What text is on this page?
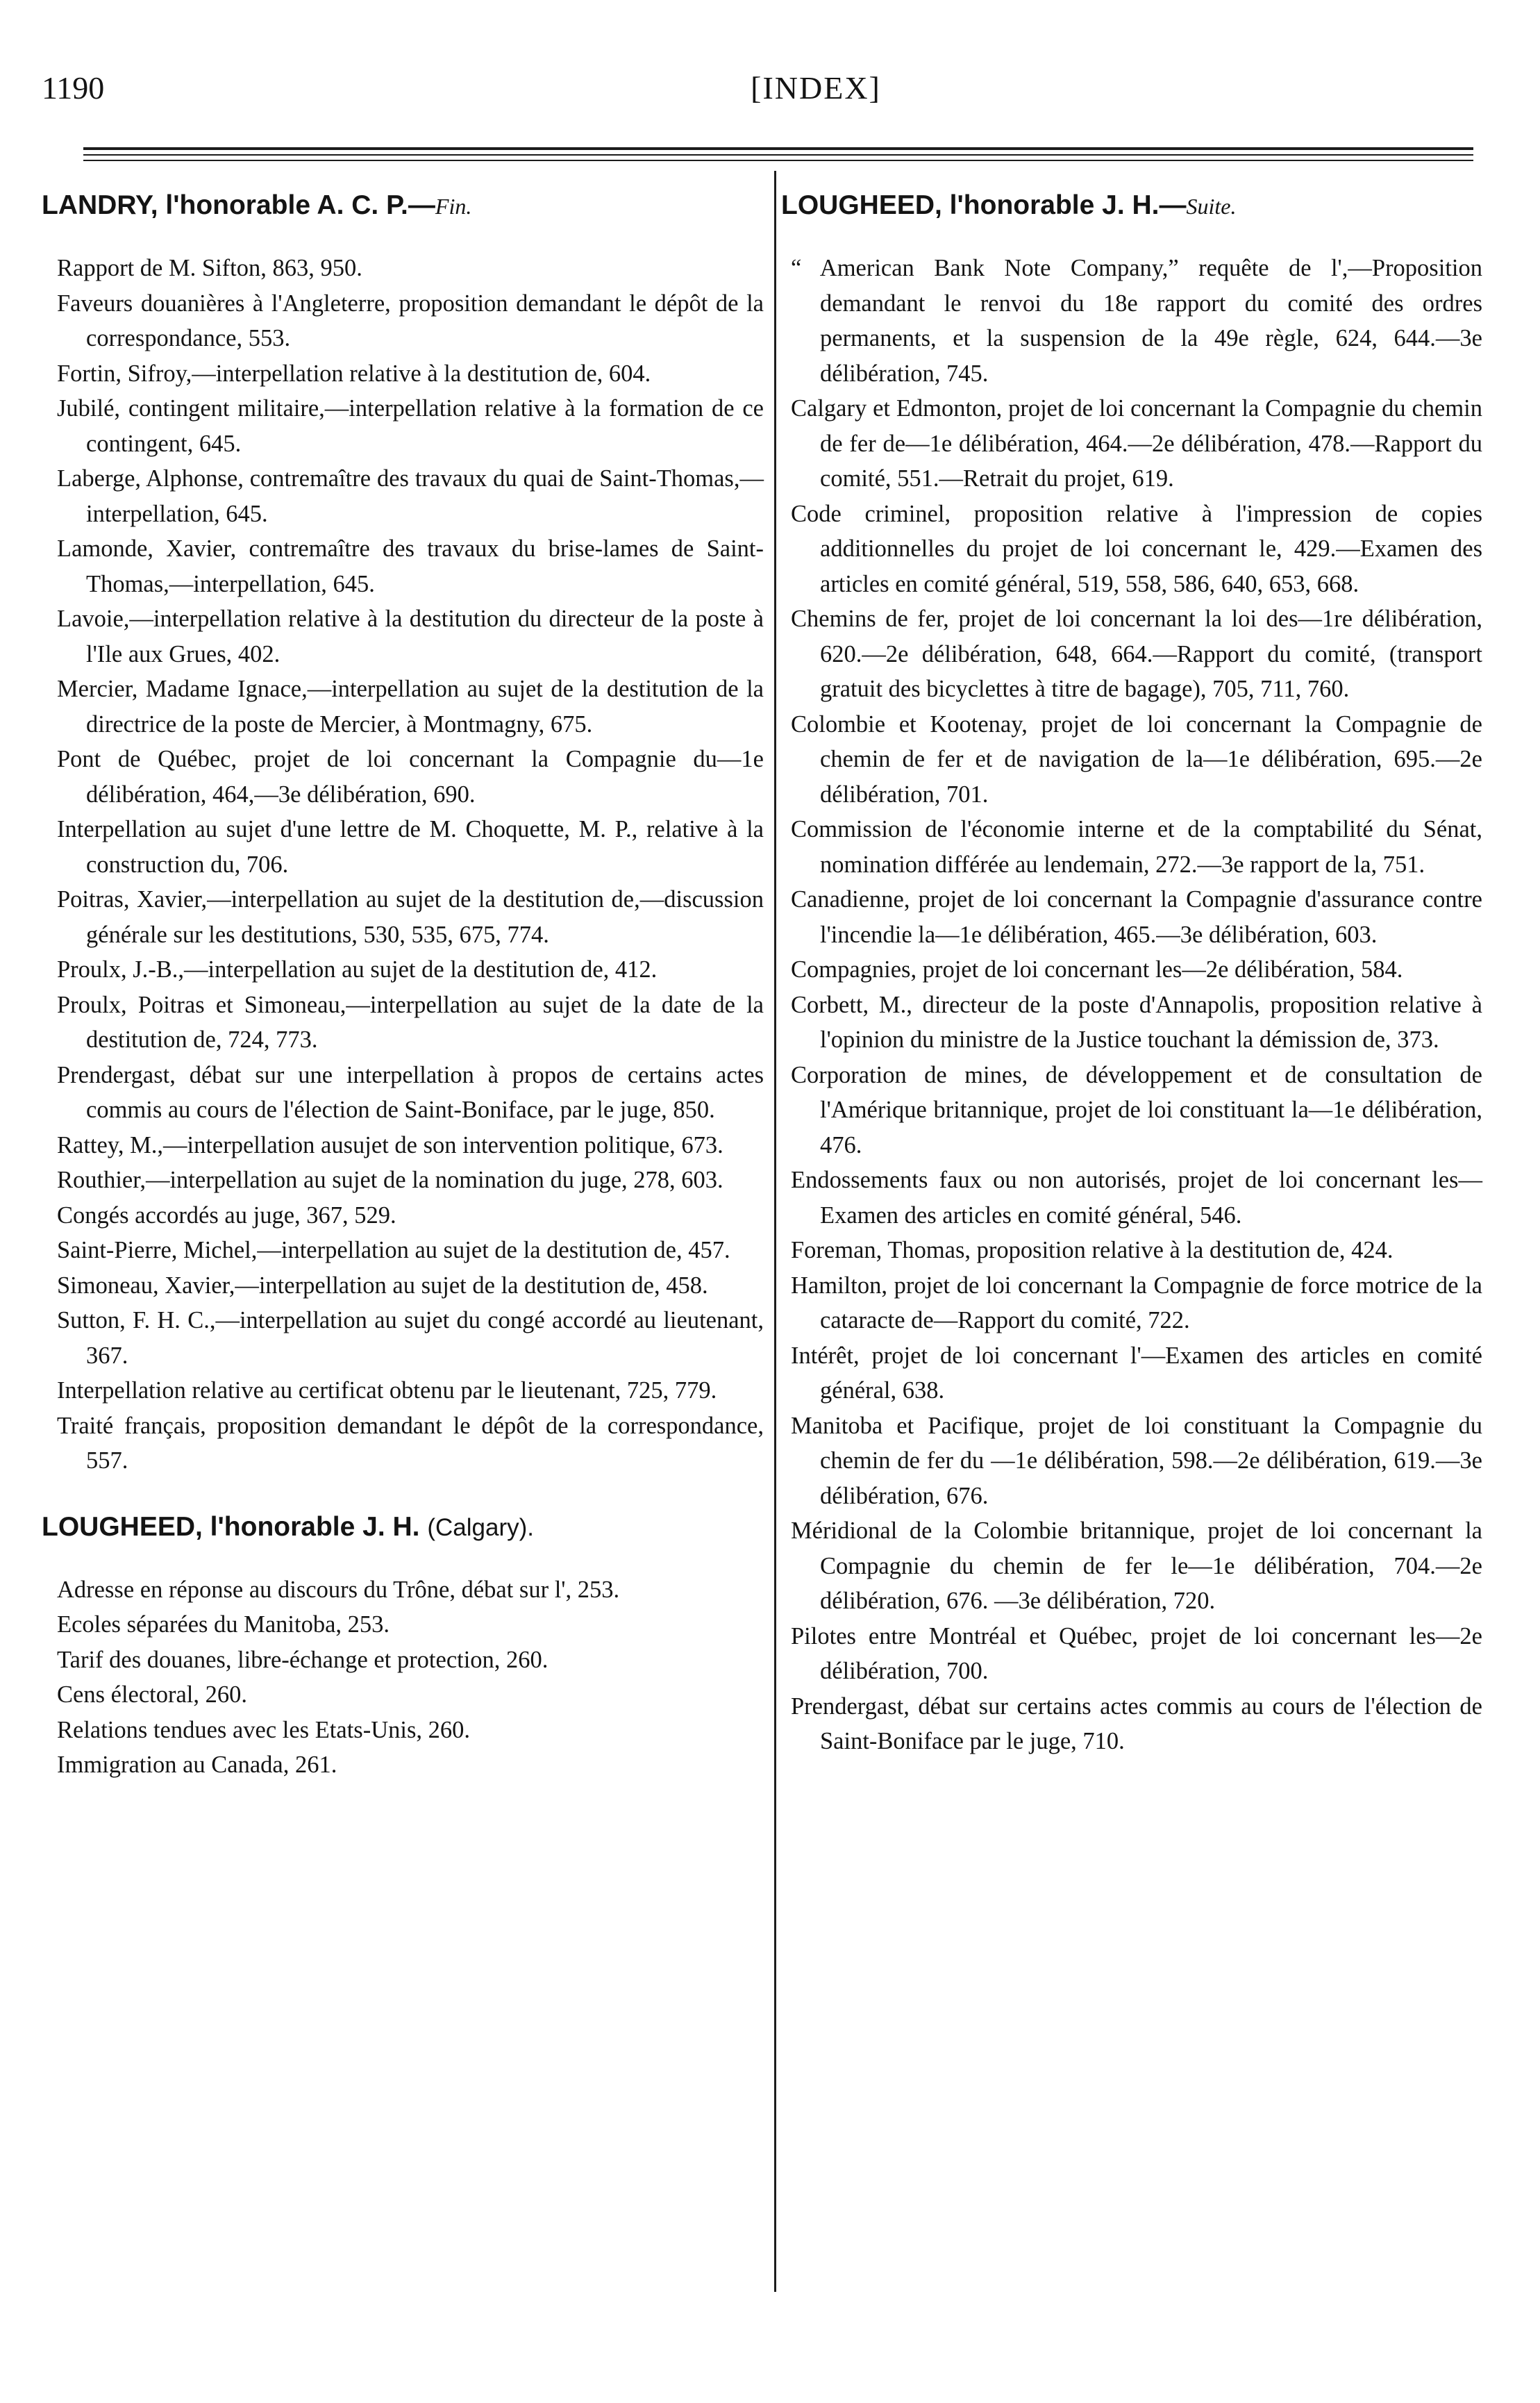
1190	[INDEX]
LANDRY, l'honorable A. C. P.—Fin.
Rapport de M. Sifton, 863, 950.
Faveurs douanières à l'Angleterre, proposition demandant le dépôt de la correspondance, 553.
Fortin, Sifroy,—interpellation relative à la destitution de, 604.
Jubilé, contingent militaire,—interpellation relative à la formation de ce contingent, 645.
Laberge, Alphonse, contremaître des travaux du quai de Saint-Thomas,— interpellation, 645.
Lamonde, Xavier, contremaître des travaux du brise-lames de Saint-Thomas,—interpellation, 645.
Lavoie,—interpellation relative à la destitution du directeur de la poste à l'Ile aux Grues, 402.
Mercier, Madame Ignace,—interpellation au sujet de la destitution de la directrice de la poste de Mercier, à Montmagny, 675.
Pont de Québec, projet de loi concernant la Compagnie du—1e délibération, 464,—3e délibération, 690.
Interpellation au sujet d'une lettre de M. Choquette, M. P., relative à la construction du, 706.
Poitras, Xavier,—interpellation au sujet de la destitution de,—discussion générale sur les destitutions, 530, 535, 675, 774.
Proulx, J.-B.,—interpellation au sujet de la destitution de, 412.
Proulx, Poitras et Simoneau,—interpellation au sujet de la date de la destitution de, 724, 773.
Prendergast, débat sur une interpellation à propos de certains actes commis au cours de l'élection de Saint-Boniface, par le juge, 850.
Rattey, M.,—interpellation ausujet de son intervention politique, 673.
Routhier,—interpellation au sujet de la nomination du juge, 278, 603.
Congés accordés au juge, 367, 529.
Saint-Pierre, Michel,—interpellation au sujet de la destitution de, 457.
Simoneau, Xavier,—interpellation au sujet de la destitution de, 458.
Sutton, F. H. C.,—interpellation au sujet du congé accordé au lieutenant, 367.
Interpellation relative au certificat obtenu par le lieutenant, 725, 779.
Traité français, proposition demandant le dépôt de la correspondance, 557.
LOUGHEED, l'honorable J. H. (Calgary).
Adresse en réponse au discours du Trône, débat sur l', 253.
Ecoles séparées du Manitoba, 253.
Tarif des douanes, libre-échange et protection, 260.
Cens électoral, 260.
Relations tendues avec les Etats-Unis, 260.
Immigration au Canada, 261.
LOUGHEED, l'honorable J. H.—Suite.
“ American Bank Note Company,” requête de l',—Proposition demandant le renvoi du 18e rapport du comité des ordres permanents, et la suspension de la 49e règle, 624, 644.—3e délibération, 745.
Calgary et Edmonton, projet de loi concernant la Compagnie du chemin de fer de—1e délibération, 464.—2e délibération, 478.—Rapport du comité, 551.—Retrait du projet, 619.
Code criminel, proposition relative à l'impression de copies additionnelles du projet de loi concernant le, 429.—Examen des articles en comité général, 519, 558, 586, 640, 653, 668.
Chemins de fer, projet de loi concernant la loi des—1re délibération, 620.—2e délibération, 648, 664.—Rapport du comité, (transport gratuit des bicyclettes à titre de bagage), 705, 711, 760.
Colombie et Kootenay, projet de loi concernant la Compagnie de chemin de fer et de navigation de la—1e délibération, 695.—2e délibération, 701.
Commission de l'économie interne et de la comptabilité du Sénat, nomination différée au lendemain, 272.—3e rapport de la, 751.
Canadienne, projet de loi concernant la Compagnie d'assurance contre l'incendie la—1e délibération, 465.—3e délibération, 603.
Compagnies, projet de loi concernant les—2e délibération, 584.
Corbett, M., directeur de la poste d'Annapolis, proposition relative à l'opinion du ministre de la Justice touchant la démission de, 373.
Corporation de mines, de développement et de consultation de l'Amérique britannique, projet de loi constituant la—1e délibération, 476.
Endossements faux ou non autorisés, projet de loi concernant les—Examen des articles en comité général, 546.
Foreman, Thomas, proposition relative à la destitution de, 424.
Hamilton, projet de loi concernant la Compagnie de force motrice de la cataracte de—Rapport du comité, 722.
Intérêt, projet de loi concernant l'—Examen des articles en comité général, 638.
Manitoba et Pacifique, projet de loi constituant la Compagnie du chemin de fer du —1e délibération, 598.—2e délibération, 619.—3e délibération, 676.
Méridional de la Colombie britannique, projet de loi concernant la Compagnie du chemin de fer le—1e délibération, 704.—2e délibération, 676. —3e délibération, 720.
Pilotes entre Montréal et Québec, projet de loi concernant les—2e délibération, 700.
Prendergast, débat sur certains actes commis au cours de l'élection de Saint-Boniface par le juge, 710.
